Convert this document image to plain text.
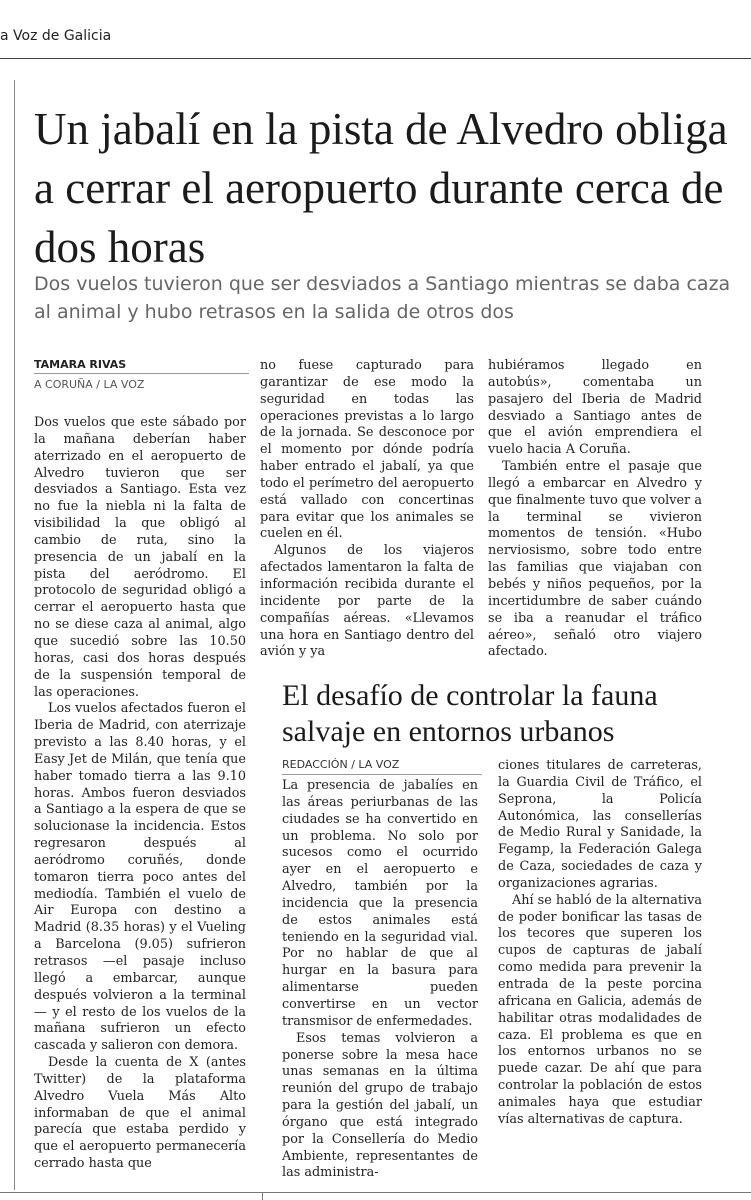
a Voz de Galicia
Un jabalí en la pista de Alvedro obliga a cerrar el aeropuerto durante cerca de dos horas

Dos vuelos tuvieron que ser desviados a Santiago mientras se daba caza al animal y hubo retrasos en la salida de otros dos

TAMARA RIVAS
A CORUÑA / LA VOZ

Dos vuelos que este sábado por la mañana deberían haber aterrizado en el aeropuerto de Alvedro tuvieron que ser desviados a Santiago. Esta vez no fue la niebla ni la falta de visibilidad la que obligó al cambio de ruta, sino la presencia de un jabalí en la pista del aeródromo. El protocolo de seguridad obligó a cerrar el aeropuerto hasta que no se diese caza al animal, algo que sucedió sobre las 10.50 horas, casi dos horas después de la suspensión temporal de las operaciones.

Los vuelos afectados fueron el Iberia de Madrid, con aterrizaje previsto a las 8.40 horas, y el Easy Jet de Milán, que tenía que haber tomado tierra a las 9.10 horas. Ambos fueron desviados a Santiago a la espera de que se solucionase la incidencia. Estos regresaron después al aeródromo coruñés, donde tomaron tierra poco antes del mediodía. También el vuelo de Air Europa con destino a Madrid (8.35 horas) y el Vueling a Barcelona (9.05) sufrieron retrasos —el pasaje incluso llegó a embarcar, aunque después volvieron a la terminal— y el resto de los vuelos de la mañana sufrieron un efecto cascada y salieron con demora.

Desde la cuenta de X (antes Twitter) de la plataforma Alvedro Vuela Más Alto informaban de que el animal parecía que estaba perdido y que el aeropuerto permanecería cerrado hasta que

no fuese capturado para garantizar de ese modo la seguridad en todas las operaciones previstas a lo largo de la jornada. Se desconoce por el momento por dónde podría haber entrado el jabalí, ya que todo el perímetro del aeropuerto está vallado con concertinas para evitar que los animales se cuelen en él.

Algunos de los viajeros afectados lamentaron la falta de información recibida durante el incidente por parte de la compañías aéreas. «Llevamos una hora en Santiago dentro del avión y ya

hubiéramos llegado en autobús», comentaba un pasajero del Iberia de Madrid desviado a Santiago antes de que el avión emprendiera el vuelo hacia A Coruña.

También entre el pasaje que llegó a embarcar en Alvedro y que finalmente tuvo que volver a la terminal se vivieron momentos de tensión. «Hubo nerviosismo, sobre todo entre las familias que viajaban con bebés y niños pequeños, por la incertidumbre de saber cuándo se iba a reanudar el tráfico aéreo», señaló otro viajero afectado.

El desafío de controlar la fauna salvaje en entornos urbanos
REDACCIÓN / LA VOZ

La presencia de jabalíes en las áreas periurbanas de las ciudades se ha convertido en un problema. No solo por sucesos como el ocurrido ayer en el aeropuerto e Alvedro, también por la incidencia que la presencia de estos animales está teniendo en la seguridad vial. Por no hablar de que al hurgar en la basura para alimentarse pueden convertirse en un vector transmisor de enfermedades.

Esos temas volvieron a ponerse sobre la mesa hace unas semanas en la última reunión del grupo de trabajo para la gestión del jabalí, un órgano que está integrado por la Consellería do Medio Ambiente, representantes de las administra-

ciones titulares de carreteras, la Guardia Civil de Tráfico, el Seprona, la Policía Autonómica, las consellerías de Medio Rural y Sanidade, la Fegamp, la Federación Galega de Caza, sociedades de caza y organizaciones agrarias.

Ahí se habló de la alternativa de poder bonificar las tasas de los tecores que superen los cupos de capturas de jabalí como medida para prevenir la entrada de la peste porcina africana en Galicia, además de habilitar otras modalidades de caza. El problema es que en los entornos urbanos no se puede cazar. De ahí que para controlar la población de estos animales haya que estudiar vías alternativas de captura.
